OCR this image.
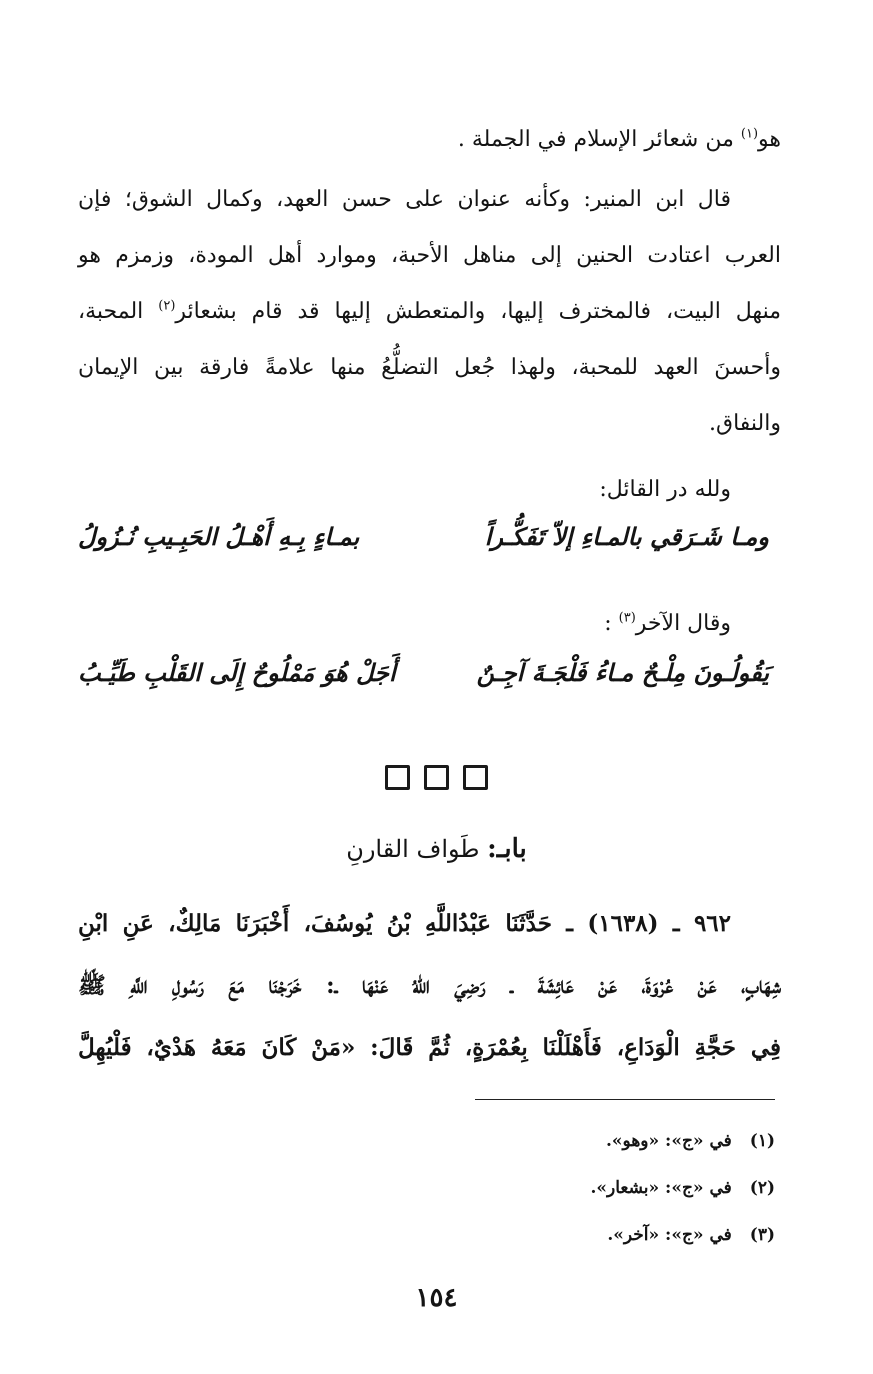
هو$^{(١)}$ من شعائر الإسلام في الجملة .
قال ابن المنير: وكأنه عنوان على حسن العهد، وكمال الشوق؛ فإن
العرب اعتادت الحنين إلى مناهل الأحبة، وموارد أهل المودة، وزمزم هو
منهل البيت، فالمخترف إليها، والمتعطش إليها قد قام بشعائر$^{(٢)}$ المحبة،
وأحسنَ العهد للمحبة، ولهذا جُعل التضلُّعُ منها علامةً فارقة بين الإيمان
والنفاق.
ولله در القائل:
ومـا شَـرَقي بالمـاءِ إلاّ تَفَكُّـراً
بمـاءٍ بِـهِ أَهْـلُ الحَبِـيبِ نُـزُولُ
وقال الآخر$^{(٣)}$ :
يَقُولُـونَ مِلْـحٌ مـاءُ فَلْجَـةَ آجِـنٌ
أَجَلْ هُوَ مَمْلُوحٌ إِلَى القَلْبِ طَيِّـبُ
بابـ: طَواف القارنِ
٩٦٢ ـ (١٦٣٨) ـ حَدَّثَنَا عَبْدُاللَّهِ بْنُ يُوسُفَ، أَخْبَرَنَا مَالِكٌ، عَنِ ابْنِ
شِهَابٍ، عَنْ عُرْوَةَ، عَنْ عَائِشَةَ ـ رَضِيَ اللهُ عَنْهَا ـ: خَرَجْنَا مَعَ رَسُولِ اللَّهِ ﷺ
فِي حَجَّةِ الْوَدَاعِ، فَأَهْلَلْنَا بِعُمْرَةٍ، ثُمَّ قَالَ: «مَنْ كَانَ مَعَهُ هَدْيٌ، فَلْيُهِلَّ
(١)في «ج»: «وهو».
(٢)في «ج»: «بشعار».
(٣)في «ج»: «آخر».
١٥٤
